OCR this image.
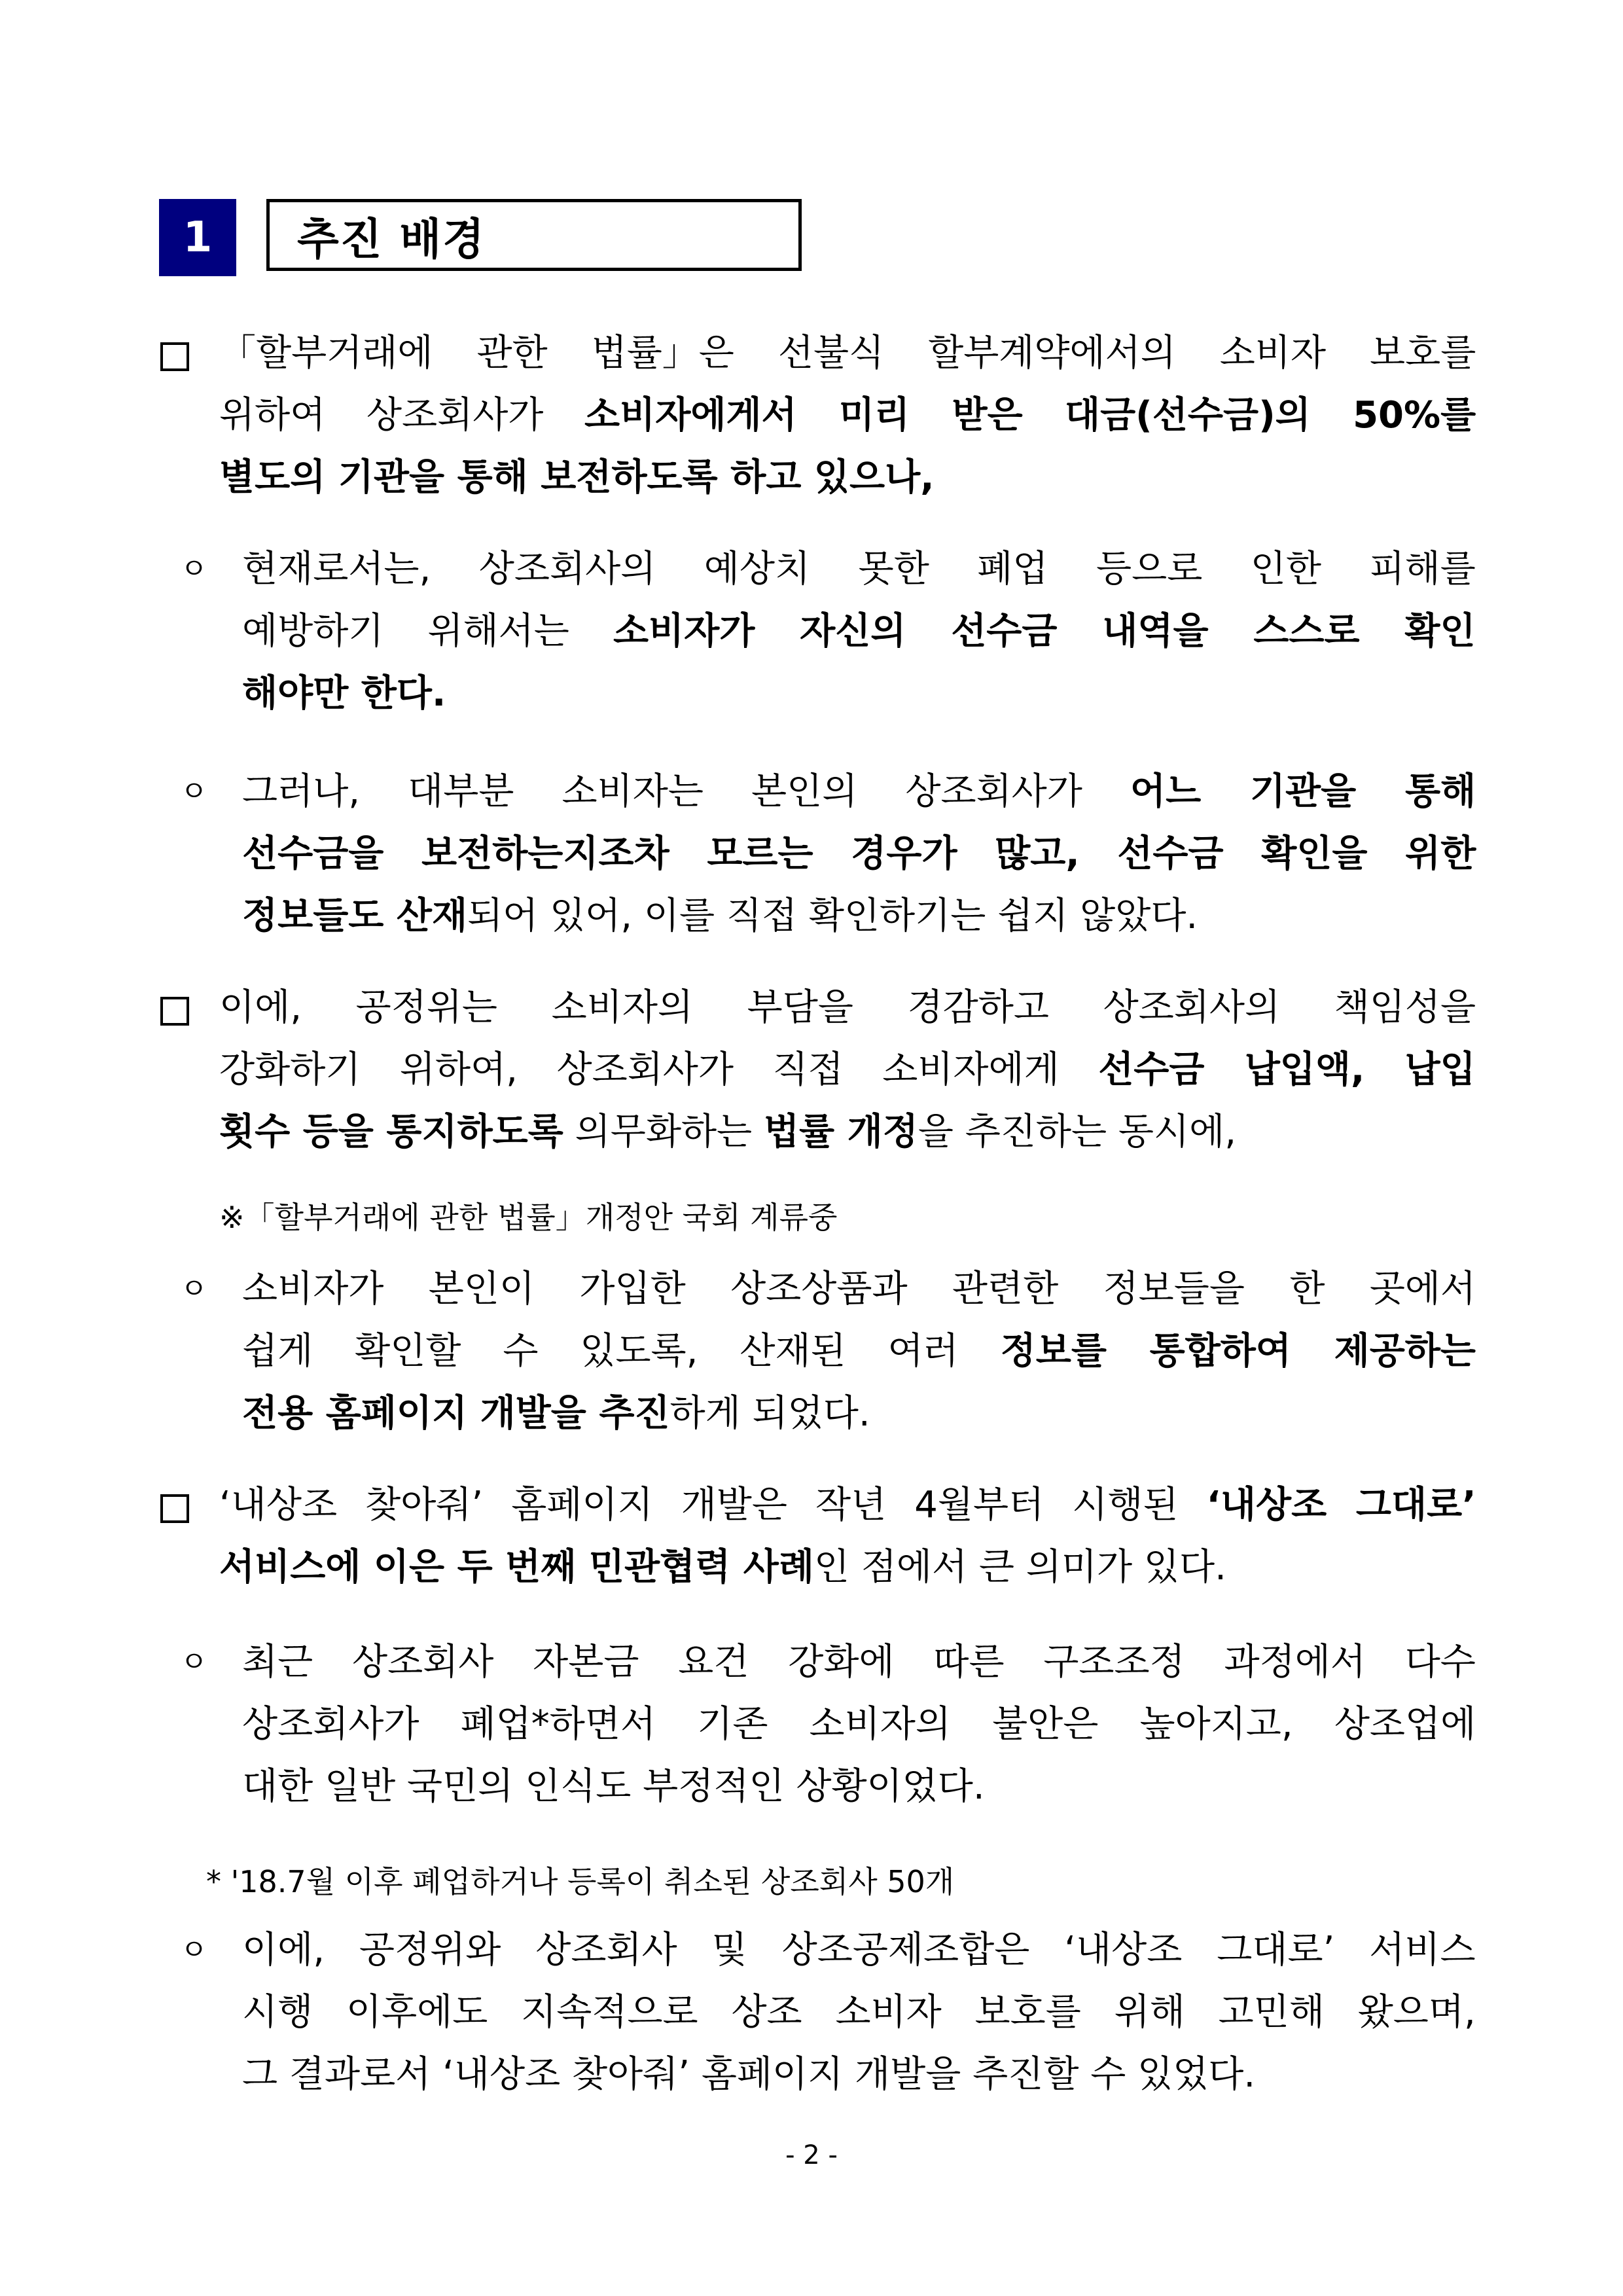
1 추진 배경
「할부거래에 관한 법률」은 선불식 할부계약에서의 소비자 보호를
위하여 상조회사가 소비자에게서 미리 받은 대금(선수금)의 50%를
별도의 기관을 통해 보전하도록 하고 있으나,
ㅇ 현재로서는, 상조회사의 예상치 못한 폐업 등으로 인한 피해를
예방하기 위해서는 소비자가 자신의 선수금 내역을 스스로 확인
해야만 한다.
ㅇ 그러나, 대부분 소비자는 본인의 상조회사가 어느 기관을 통해
선수금을 보전하는지조차 모르는 경우가 많고, 선수금 확인을 위한
정보들도 산재되어 있어, 이를 직접 확인하기는 쉽지 않았다.
이에, 공정위는 소비자의 부담을 경감하고 상조회사의 책임성을
강화하기 위하여, 상조회사가 직접 소비자에게 선수금 납입액, 납입
횟수 등을 통지하도록 의무화하는 법률 개정을 추진하는 동시에,
※「할부거래에 관한 법률」개정안 국회 계류중
ㅇ 소비자가 본인이 가입한 상조상품과 관련한 정보들을 한 곳에서
쉽게 확인할 수 있도록, 산재된 여러 정보를 통합하여 제공하는
전용 홈페이지 개발을 추진하게 되었다.
‘내상조 찾아줘’ 홈페이지 개발은 작년 4월부터 시행된 ‘내상조 그대로’
서비스에 이은 두 번째 민관협력 사례인 점에서 큰 의미가 있다.
ㅇ 최근 상조회사 자본금 요건 강화에 따른 구조조정 과정에서 다수
상조회사가 폐업*하면서 기존 소비자의 불안은 높아지고, 상조업에
대한 일반 국민의 인식도 부정적인 상황이었다.
* '18.7월 이후 폐업하거나 등록이 취소된 상조회사 50개
ㅇ 이에, 공정위와 상조회사 및 상조공제조합은 ‘내상조 그대로’ 서비스
시행 이후에도 지속적으로 상조 소비자 보호를 위해 고민해 왔으며,
그 결과로서 ‘내상조 찾아줘’ 홈페이지 개발을 추진할 수 있었다.
- 2 -
